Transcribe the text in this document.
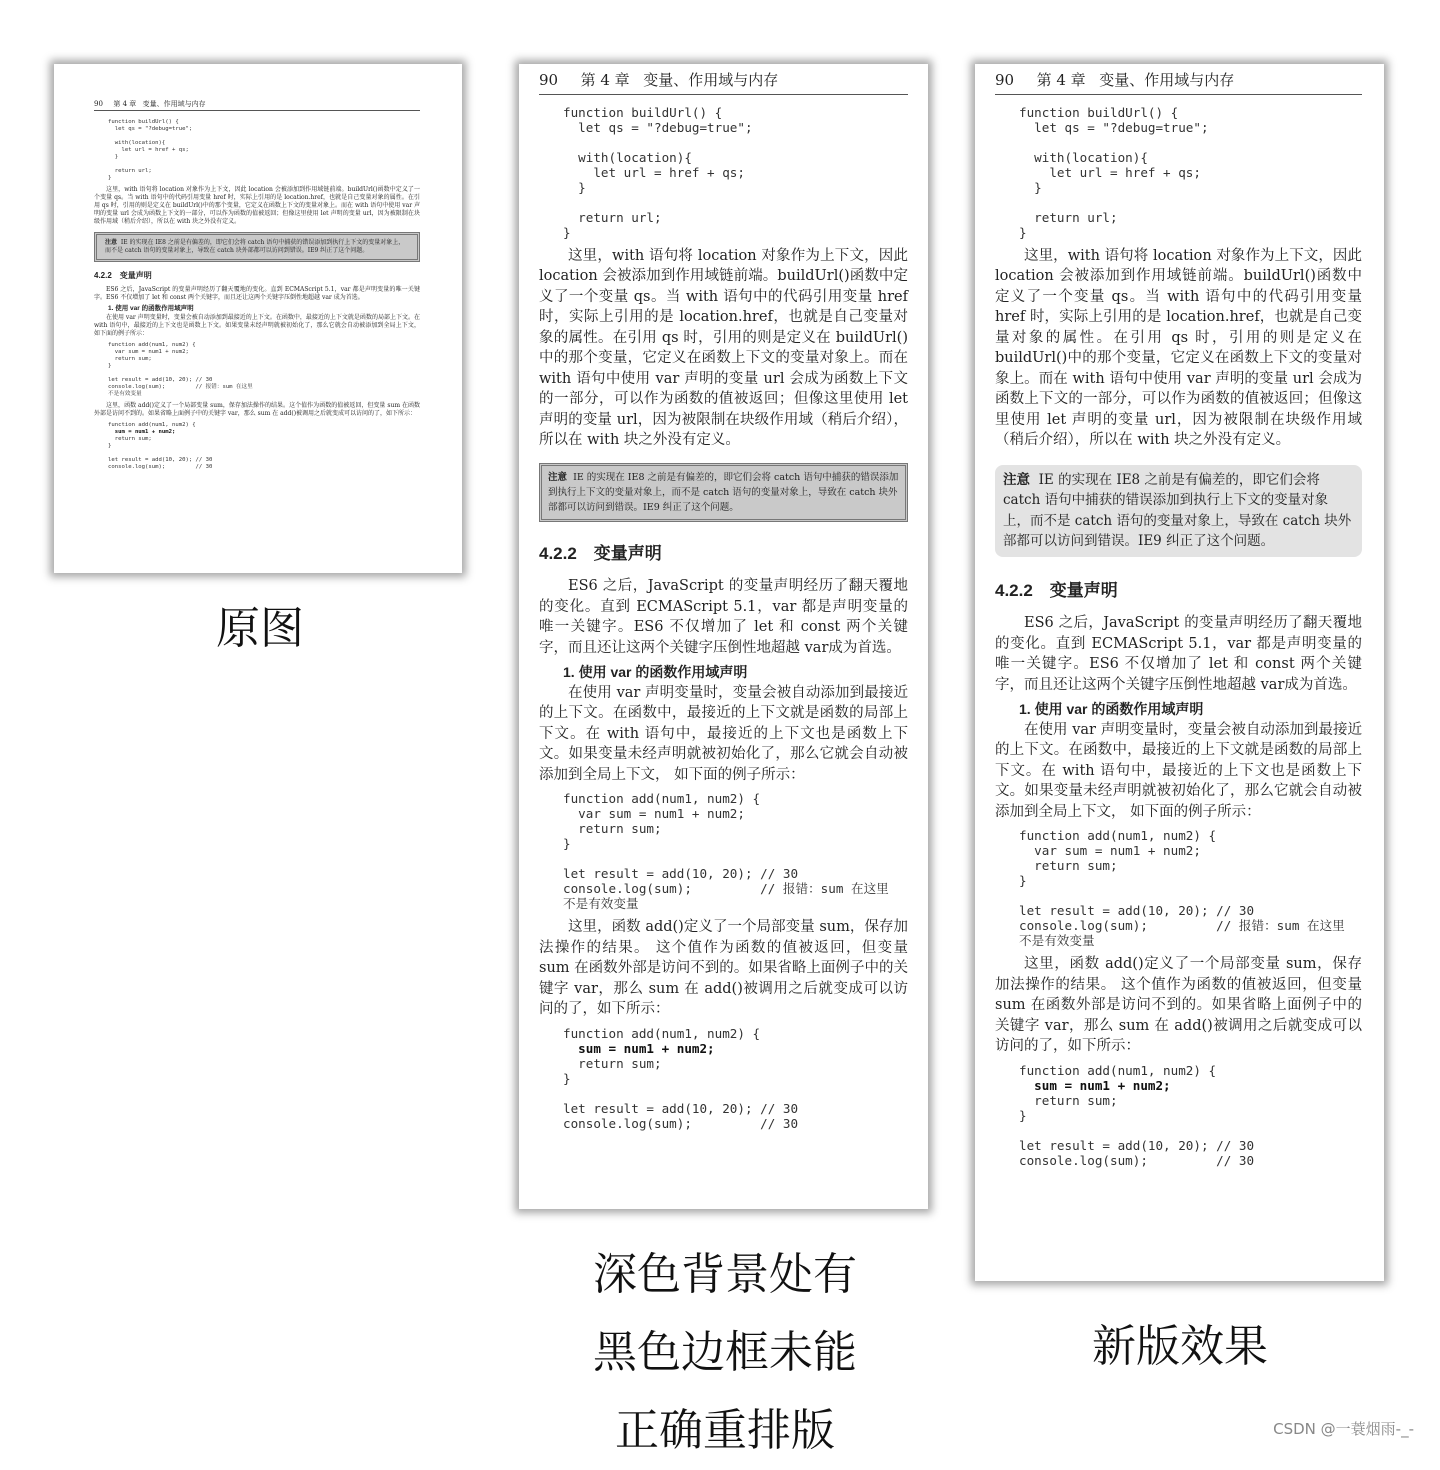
90 第 4 章 变量、作用域与内存
function buildUrl() {
let qs = "?debug=true";

with(location){
let url = href + qs;
}

return url;
}

这里，with 语句将 location 对象作为上下文，因此 location 会被添加到作用域链前端。buildUrl()函数中定义了一个变量 qs。当 with 语句中的代码引用变量 href 时，实际上引用的是 location.href，也就是自己变量对象的属性。在引用 qs 时，引用的则是定义在 buildUrl()中的那个变量，它定义在函数上下文的变量对象上。而在 with 语句中使用 var 声明的变量 url 会成为函数上下文的一部分，可以作为函数的值被返回；但像这里使用 let 声明的变量 url，因为被限制在块级作用域（稍后介绍），所以在 with 块之外没有定义。

注意 IE 的实现在 IE8 之前是有偏差的，即它们会将 catch 语句中捕获的错误添加到执行上下文的变量对象上，而不是 catch 语句的变量对象上，导致在 catch 块外部都可以访问到错误。IE9 纠正了这个问题。
4.2.2　变量声明

ES6 之后，JavaScript 的变量声明经历了翻天覆地的变化。直到 ECMAScript 5.1，var 都是声明变量的唯一关键字。ES6 不仅增加了 let 和 const 两个关键字，而且还让这两个关键字压倒性地超越 var 成为首选。

1. 使用 var 的函数作用域声明

在使用 var 声明变量时，变量会被自动添加到最接近的上下文。在函数中，最接近的上下文就是函数的局部上下文。在 with 语句中，最接近的上下文也是函数上下文。如果变量未经声明就被初始化了，那么它就会自动被添加到全局上下文，如下面的例子所示：

function add(num1, num2) {
var sum = num1 + num2;
return sum;
}

let result = add(10, 20); // 30
console.log(sum);         // 报错：sum 在这里
不是有效变量

这里，函数 add()定义了一个局部变量 sum，保存加法操作的结果。这个值作为函数的值被返回，但变量 sum 在函数外部是访问不到的。如果省略上面例子中的关键字 var，那么 sum 在 add()被调用之后就变成可以访问的了，如下所示：

function add(num1, num2) {
sum = num1 + num2;
return sum;
}

let result = add(10, 20); // 30
console.log(sum);         // 30
90 第 4 章 变量、作用域与内存
function buildUrl() {
let qs = "?debug=true";

with(location){
let url = href + qs;
}

return url;
}

这里，with 语句将 location 对象作为上下文，因此 location 会被添加到作用域链前端。buildUrl()函数中定义了一个变量 qs。当 with 语句中的代码引用变量 href 时，实际上引用的是 location.href，也就是自己变量对象的属性。在引用 qs 时，引用的则是定义在 buildUrl()中的那个变量，它定义在函数上下文的变量对象上。而在 with 语句中使用 var 声明的变量 url 会成为函数上下文的一部分，可以作为函数的值被返回；但像这里使用 let 声明的变量 url，因为被限制在块级作用域（稍后介绍），所以在 with 块之外没有定义。

注意 IE 的实现在 IE8 之前是有偏差的，即它们会将 catch 语句中捕获的错误添加到执行上下文的变量对象上，而不是 catch 语句的变量对象上，导致在 catch 块外部都可以访问到错误。IE9 纠正了这个问题。
4.2.2　变量声明

ES6 之后，JavaScript 的变量声明经历了翻天覆地的变化。直到 ECMAScript 5.1，var 都是声明变量的唯一关键字。ES6 不仅增加了 let 和 const 两个关键字，而且还让这两个关键字压倒性地超越 var成为首选。

1. 使用 var 的函数作用域声明

在使用 var 声明变量时，变量会被自动添加到最接近的上下文。在函数中，最接近的上下文就是函数的局部上下文。在 with 语句中，最接近的上下文也是函数上下文。如果变量未经声明就被初始化了，那么它就会自动被添加到全局上下文， 如下面的例子所示：

function add(num1, num2) {
var sum = num1 + num2;
return sum;
}

let result = add(10, 20); // 30
console.log(sum);         // 报错：sum 在这里
不是有效变量

这里，函数 add()定义了一个局部变量 sum，保存加法操作的结果。 这个值作为函数的值被返回，但变量 sum 在函数外部是访问不到的。如果省略上面例子中的关键字 var，那么 sum 在 add()被调用之后就变成可以访问的了，如下所示：

function add(num1, num2) {
sum = num1 + num2;
return sum;
}

let result = add(10, 20); // 30
console.log(sum);         // 30
90 第 4 章 变量、作用域与内存
function buildUrl() {
let qs = "?debug=true";

with(location){
let url = href + qs;
}

return url;
}

这里，with 语句将 location 对象作为上下文，因此 location 会被添加到作用域链前端。buildUrl()函数中定义了一个变量 qs。当 with 语句中的代码引用变量 href 时，实际上引用的是 location.href，也就是自己变量对象的属性。在引用 qs 时，引用的则是定义在 buildUrl()中的那个变量，它定义在函数上下文的变量对象上。而在 with 语句中使用 var 声明的变量 url 会成为函数上下文的一部分，可以作为函数的值被返回；但像这里使用 let 声明的变量 url，因为被限制在块级作用域（稍后介绍），所以在 with 块之外没有定义。

注意 IE 的实现在 IE8 之前是有偏差的，即它们会将 catch 语句中捕获的错误添加到执行上下文的变量对象上，而不是 catch 语句的变量对象上，导致在 catch 块外部都可以访问到错误。IE9 纠正了这个问题。
4.2.2　变量声明

ES6 之后，JavaScript 的变量声明经历了翻天覆地的变化。直到 ECMAScript 5.1，var 都是声明变量的唯一关键字。ES6 不仅增加了 let 和 const 两个关键字，而且还让这两个关键字压倒性地超越 var成为首选。

1. 使用 var 的函数作用域声明

在使用 var 声明变量时，变量会被自动添加到最接近的上下文。在函数中，最接近的上下文就是函数的局部上下文。在 with 语句中，最接近的上下文也是函数上下文。如果变量未经声明就被初始化了，那么它就会自动被添加到全局上下文， 如下面的例子所示：

function add(num1, num2) {
var sum = num1 + num2;
return sum;
}

let result = add(10, 20); // 30
console.log(sum);         // 报错：sum 在这里
不是有效变量

这里，函数 add()定义了一个局部变量 sum，保存加法操作的结果。 这个值作为函数的值被返回，但变量 sum 在函数外部是访问不到的。如果省略上面例子中的关键字 var，那么 sum 在 add()被调用之后就变成可以访问的了，如下所示：

function add(num1, num2) {
sum = num1 + num2;
return sum;
}

let result = add(10, 20); // 30
console.log(sum);         // 30
原图
深色背景处有
黑色边框未能
正确重排版
新版效果
CSDN @一蓑烟雨-_-
